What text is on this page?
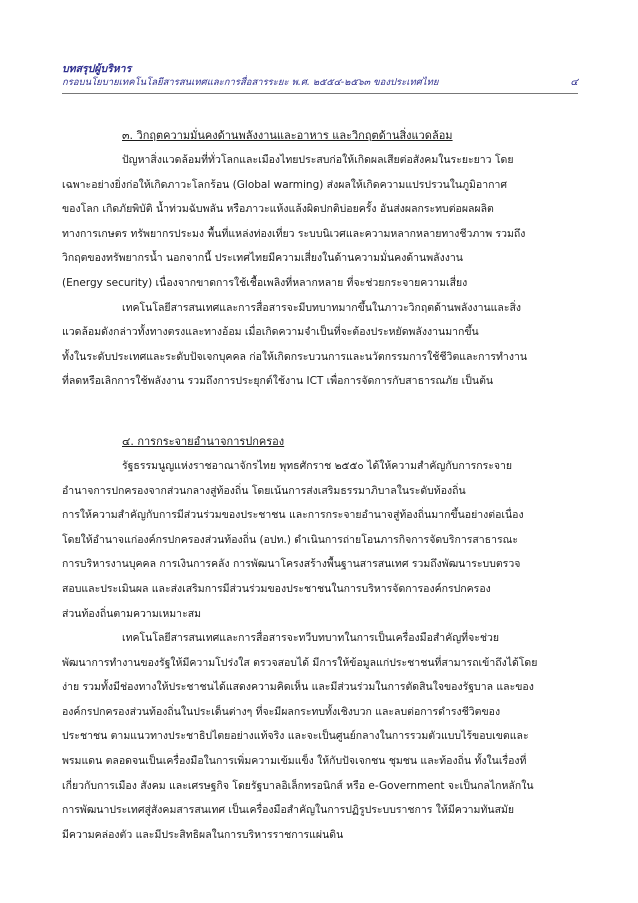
บทสรุปผู้บริหาร
กรอบนโยบายเทคโนโลยีสารสนเทศและการสื่อสารระยะ พ.ศ. ๒๕๕๔-๒๕๖๓ ของประเทศไทย	๔
๓. วิกฤตความมั่นคงด้านพลังงานและอาหาร และวิกฤตด้านสิ่งแวดล้อม

ปัญหาสิ่งแวดล้อมที่ทั่วโลกและเมืองไทยประสบก่อให้เกิดผลเสียต่อสังคมในระยะยาว โดย
เฉพาะอย่างยิ่งก่อให้เกิดภาวะโลกร้อน (Global warming) ส่งผลให้เกิดความแปรปรวนในภูมิอากาศ
ของโลก เกิดภัยพิบัติ น้ำท่วมฉับพลัน หรือภาวะแห้งแล้งผิดปกติบ่อยครั้ง อันส่งผลกระทบต่อผลผลิต
ทางการเกษตร ทรัพยากรประมง พื้นที่แหล่งท่องเที่ยว ระบบนิเวศและความหลากหลายทางชีวภาพ รวมถึง
วิกฤตของทรัพยากรน้ำ นอกจากนี้ ประเทศไทยมีความเสี่ยงในด้านความมั่นคงด้านพลังงาน
(Energy security) เนื่องจากขาดการใช้เชื้อเพลิงที่หลากหลาย ที่จะช่วยกระจายความเสี่ยง

เทคโนโลยีสารสนเทศและการสื่อสารจะมีบทบาทมากขึ้นในภาวะวิกฤตด้านพลังงานและสิ่ง
แวดล้อมดังกล่าวทั้งทางตรงและทางอ้อม เมื่อเกิดความจำเป็นที่จะต้องประหยัดพลังงานมากขึ้น
ทั้งในระดับประเทศและระดับปัจเจกบุคคล ก่อให้เกิดกระบวนการและนวัตกรรมการใช้ชีวิตและการทำงาน
ที่ลดหรือเลิกการใช้พลังงาน รวมถึงการประยุกต์ใช้งาน ICT เพื่อการจัดการกับสาธารณภัย เป็นต้น

๔. การกระจายอำนาจการปกครอง

รัฐธรรมนูญแห่งราชอาณาจักรไทย พุทธศักราช ๒๕๕๐ ได้ให้ความสำคัญกับการกระจาย
อำนาจการปกครองจากส่วนกลางสู่ท้องถิ่น โดยเน้นการส่งเสริมธรรมาภิบาลในระดับท้องถิ่น
การให้ความสำคัญกับการมีส่วนร่วมของประชาชน และการกระจายอำนาจสู่ท้องถิ่นมากขึ้นอย่างต่อเนื่อง
โดยให้อำนาจแก่องค์กรปกครองส่วนท้องถิ่น (อปท.) ดำเนินการถ่ายโอนภารกิจการจัดบริการสาธารณะ
การบริหารงานบุคคล การเงินการคลัง การพัฒนาโครงสร้างพื้นฐานสารสนเทศ รวมถึงพัฒนาระบบตรวจ
สอบและประเมินผล และส่งเสริมการมีส่วนร่วมของประชาชนในการบริหารจัดการองค์กรปกครอง
ส่วนท้องถิ่นตามความเหมาะสม

เทคโนโลยีสารสนเทศและการสื่อสารจะทวีบทบาทในการเป็นเครื่องมือสำคัญที่จะช่วย
พัฒนาการทำงานของรัฐให้มีความโปร่งใส ตรวจสอบได้ มีการให้ข้อมูลแก่ประชาชนที่สามารถเข้าถึงได้โดย
ง่าย รวมทั้งมีช่องทางให้ประชาชนได้แสดงความคิดเห็น และมีส่วนร่วมในการตัดสินใจของรัฐบาล และของ
องค์กรปกครองส่วนท้องถิ่นในประเด็นต่างๆ ที่จะมีผลกระทบทั้งเชิงบวก และลบต่อการดำรงชีวิตของ
ประชาชน ตามแนวทางประชาธิปไตยอย่างแท้จริง และจะเป็นศูนย์กลางในการรวมตัวแบบไร้ขอบเขตและ
พรมแดน ตลอดจนเป็นเครื่องมือในการเพิ่มความเข้มแข็ง ให้กับปัจเจกชน ชุมชน และท้องถิ่น ทั้งในเรื่องที่
เกี่ยวกับการเมือง สังคม และเศรษฐกิจ โดยรัฐบาลอิเล็กทรอนิกส์ หรือ e-Government จะเป็นกลไกหลักใน
การพัฒนาประเทศสู่สังคมสารสนเทศ เป็นเครื่องมือสำคัญในการปฏิรูประบบราชการ ให้มีความทันสมัย
มีความคล่องตัว และมีประสิทธิผลในการบริหารราชการแผ่นดิน
